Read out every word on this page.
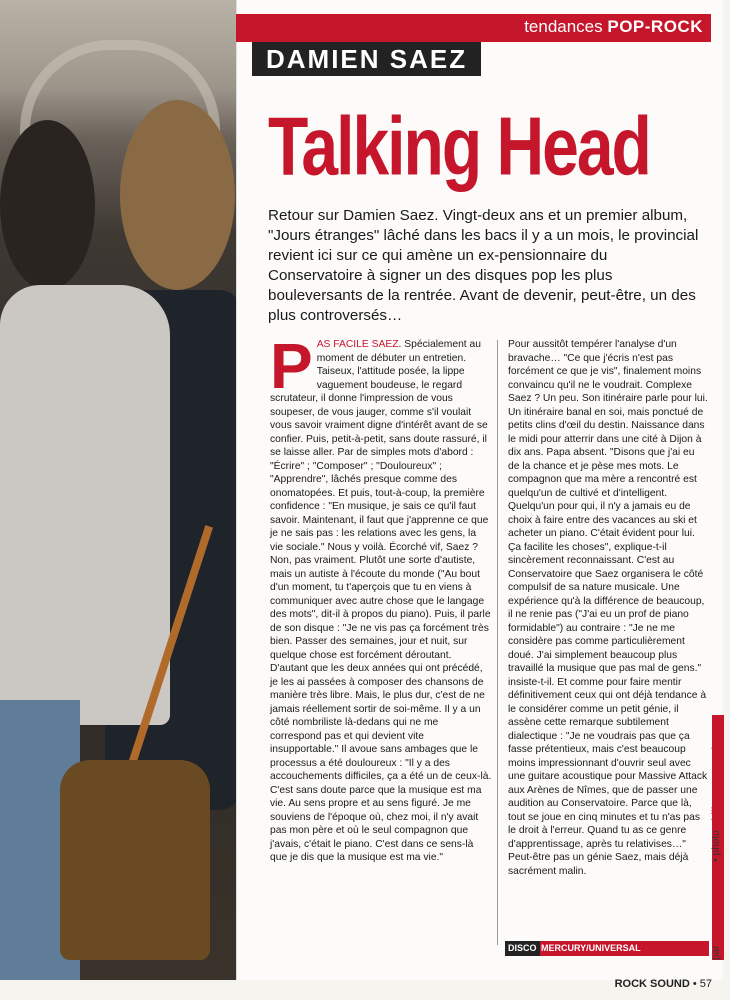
tendances POP-ROCK
DAMIEN SAEZ
Talking Head
Retour sur Damien Saez. Vingt-deux ans et un premier album, "Jours étranges" lâché dans les bacs il y a un mois, le provincial revient ici sur ce qui amène un ex-pensionnaire du Conservatoire à signer un des disques pop les plus bouleversants de la rentrée. Avant de devenir, peut-être, un des plus controversés…
PAS FACILE SAEZ. Spécialement au moment de débuter un entretien. Taiseux, l'attitude posée, la lippe vaguement boudeuse, le regard scrutateur, il donne l'impression de vous soupeser, de vous jauger, comme s'il voulait vous savoir vraiment digne d'intérêt avant de se confier. Puis, petit-à-petit, sans doute rassuré, il se laisse aller. Par de simples mots d'abord : "Écrire" ; "Composer" ; "Douloureux" ; "Apprendre", lâchés presque comme des onomatopées. Et puis, tout-à-coup, la première confidence : "En musique, je sais ce qu'il faut savoir. Maintenant, il faut que j'apprenne ce que je ne sais pas : les relations avec les gens, la vie sociale." Nous y voilà. Écorché vif, Saez ? Non, pas vraiment. Plutôt une sorte d'autiste, mais un autiste à l'écoute du monde ("Au bout d'un moment, tu t'aperçois que tu en viens à communiquer avec autre chose que le langage des mots", dit-il à propos du piano). Puis, il parle de son disque : "Je ne vis pas ça forcément très bien. Passer des semaines, jour et nuit, sur quelque chose est forcément déroutant. D'autant que les deux années qui ont précédé, je les ai passées à composer des chansons de manière très libre. Mais, le plus dur, c'est de ne jamais réellement sortir de soi-même. Il y a un côté nombriliste là-dedans qui ne me correspond pas et qui devient vite insupportable." Il avoue sans ambages que le processus a été douloureux : "Il y a des accouchements difficiles, ça a été un de ceux-là. C'est sans doute parce que la musique est ma vie. Au sens propre et au sens figuré. Je me souviens de l'époque où, chez moi, il n'y avait pas mon père et où le seul compagnon que j'avais, c'était le piano. C'est dans ce sens-là que je dis que la musique est ma vie."
Pour aussitôt tempérer l'analyse d'un bravache… "Ce que j'écris n'est pas forcément ce que je vis", finalement moins convaincu qu'il ne le voudrait. Complexe Saez ? Un peu. Son itinéraire parle pour lui. Un itinéraire banal en soi, mais ponctué de petits clins d'œil du destin. Naissance dans le midi pour atterrir dans une cité à Dijon à dix ans. Papa absent. "Disons que j'ai eu de la chance et je pèse mes mots. Le compagnon que ma mère a rencontré est quelqu'un de cultivé et d'intelligent. Quelqu'un pour qui, il n'y a jamais eu de choix à faire entre des vacances au ski et acheter un piano. C'était évident pour lui. Ça facilite les choses", explique-t-il sincèrement reconnaissant. C'est au Conservatoire que Saez organisera le côté compulsif de sa nature musicale. Une expérience qu'à la différence de beaucoup, il ne renie pas ("J'ai eu un prof de piano formidable") au contraire : "Je ne me considère pas comme particulièrement doué. J'ai simplement beaucoup plus travaillé la musique que pas mal de gens." insiste-t-il. Et comme pour faire mentir définitivement ceux qui ont déjà tendance à le considérer comme un petit génie, il assène cette remarque subtilement dialectique : "Je ne voudrais pas que ça fasse prétentieux, mais c'est beaucoup moins impressionnant d'ouvrir seul avec une guitare acoustique pour Massive Attack aux Arènes de Nîmes, que de passer une audition au Conservatoire. Parce que là, tout se joue en cinq minutes et tu n'as pas le droit à l'erreur. Quand tu as ce genre d'apprentissage, après tu relativises…" Peut-être pas un génie Saez, mais déjà sacrément malin.
DISCO MERCURY/UNIVERSAL	par Yves Bongarçon • photo Philippe Mazzoni
ROCK SOUND • 57
